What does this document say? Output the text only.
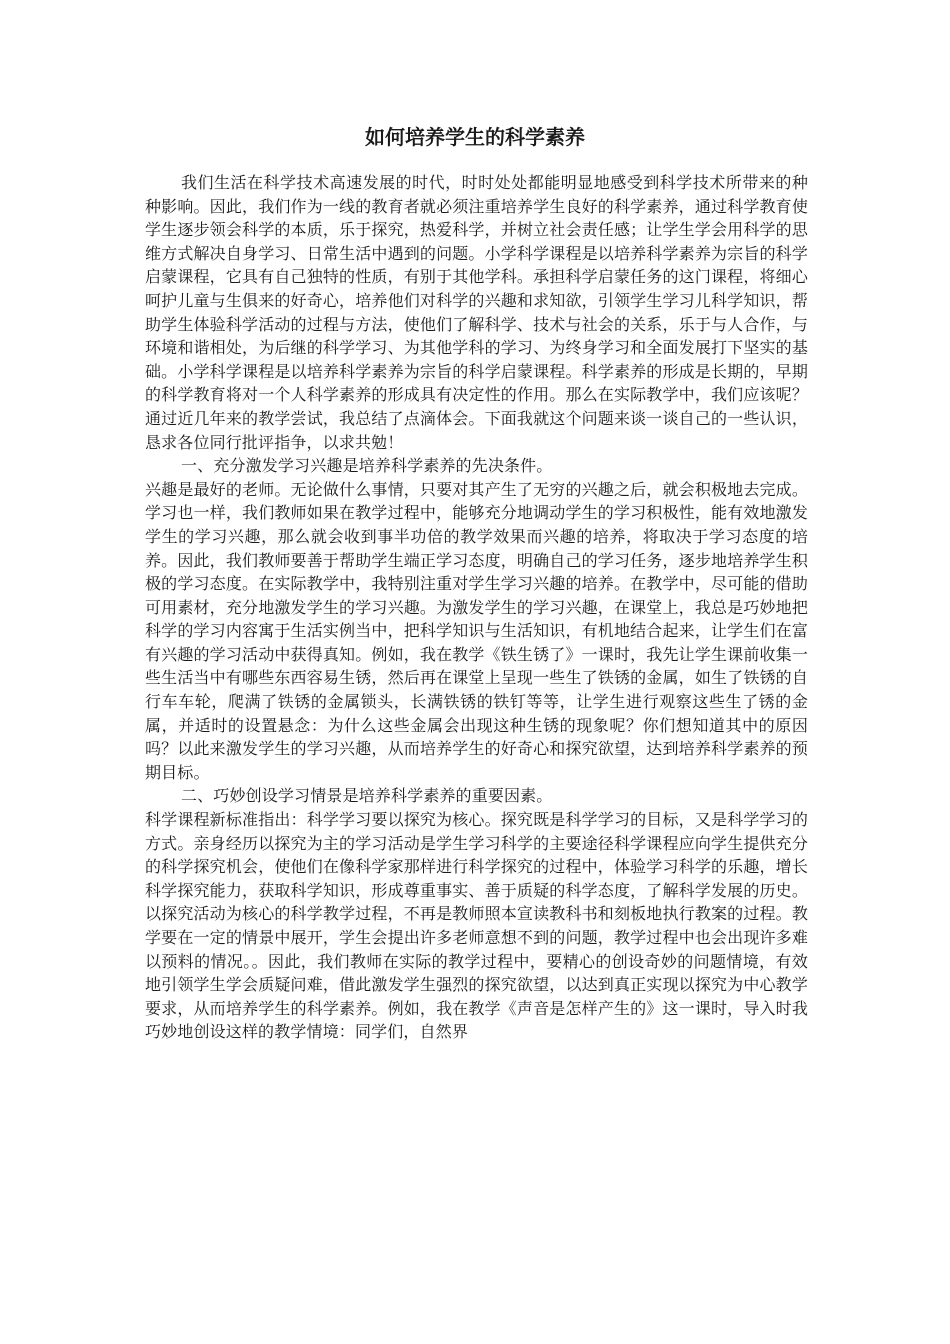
如何培养学生的科学素养

我们生活在科学技术高速发展的时代，时时处处都能明显地感受到科学技术所带来的种种影响。因此，我们作为一线的教育者就必须注重培养学生良好的科学素养，通过科学教育使学生逐步领会科学的本质，乐于探究，热爱科学，并树立社会责任感；让学生学会用科学的思维方式解决自身学习、日常生活中遇到的问题。小学科学课程是以培养科学素养为宗旨的科学启蒙课程，它具有自己独特的性质，有别于其他学科。承担科学启蒙任务的这门课程，将细心呵护儿童与生俱来的好奇心，培养他们对科学的兴趣和求知欲，引领学生学习儿科学知识，帮助学生体验科学活动的过程与方法，使他们了解科学、技术与社会的关系，乐于与人合作，与环境和谐相处，为后继的科学学习、为其他学科的学习、为终身学习和全面发展打下坚实的基础。小学科学课程是以培养科学素养为宗旨的科学启蒙课程。科学素养的形成是长期的，早期的科学教育将对一个人科学素养的形成具有决定性的作用。那么在实际教学中，我们应该呢？通过近几年来的教学尝试，我总结了点滴体会。下面我就这个问题来谈一谈自己的一些认识，恳求各位同行批评指争，以求共勉！

一、充分激发学习兴趣是培养科学素养的先决条件。

兴趣是最好的老师。无论做什么事情，只要对其产生了无穷的兴趣之后，就会积极地去完成。学习也一样，我们教师如果在教学过程中，能够充分地调动学生的学习积极性，能有效地激发学生的学习兴趣，那么就会收到事半功倍的教学效果而兴趣的培养，将取决于学习态度的培养。因此，我们教师要善于帮助学生端正学习态度，明确自己的学习任务，逐步地培养学生积极的学习态度。在实际教学中，我特别注重对学生学习兴趣的培养。在教学中，尽可能的借助可用素材，充分地激发学生的学习兴趣。为激发学生的学习兴趣，在课堂上，我总是巧妙地把科学的学习内容寓于生活实例当中，把科学知识与生活知识，有机地结合起来，让学生们在富有兴趣的学习活动中获得真知。例如，我在教学《铁生锈了》一课时，我先让学生课前收集一些生活当中有哪些东西容易生锈，然后再在课堂上呈现一些生了铁锈的金属，如生了铁锈的自行车车轮，爬满了铁锈的金属锁头，长满铁锈的铁钉等等，让学生进行观察这些生了锈的金属，并适时的设置悬念：为什么这些金属会出现这种生锈的现象呢？你们想知道其中的原因吗？以此来激发学生的学习兴趣，从而培养学生的好奇心和探究欲望，达到培养科学素养的预期目标。

二、巧妙创设学习情景是培养科学素养的重要因素。

科学课程新标准指出：科学学习要以探究为核心。探究既是科学学习的目标，又是科学学习的方式。亲身经历以探究为主的学习活动是学生学习科学的主要途径科学课程应向学生提供充分的科学探究机会，使他们在像科学家那样进行科学探究的过程中，体验学习科学的乐趣，增长科学探究能力，获取科学知识，形成尊重事实、善于质疑的科学态度，了解科学发展的历史。以探究活动为核心的科学教学过程，不再是教师照本宣读教科书和刻板地执行教案的过程。教学要在一定的情景中展开，学生会提出许多老师意想不到的问题，教学过程中也会出现许多难以预料的情况。。因此，我们教师在实际的教学过程中，要精心的创设奇妙的问题情境，有效地引领学生学会质疑问难，借此激发学生强烈的探究欲望，以达到真正实现以探究为中心教学要求，从而培养学生的科学素养。例如，我在教学《声音是怎样产生的》这一课时，导入时我巧妙地创设这样的教学情境：同学们，自然界
